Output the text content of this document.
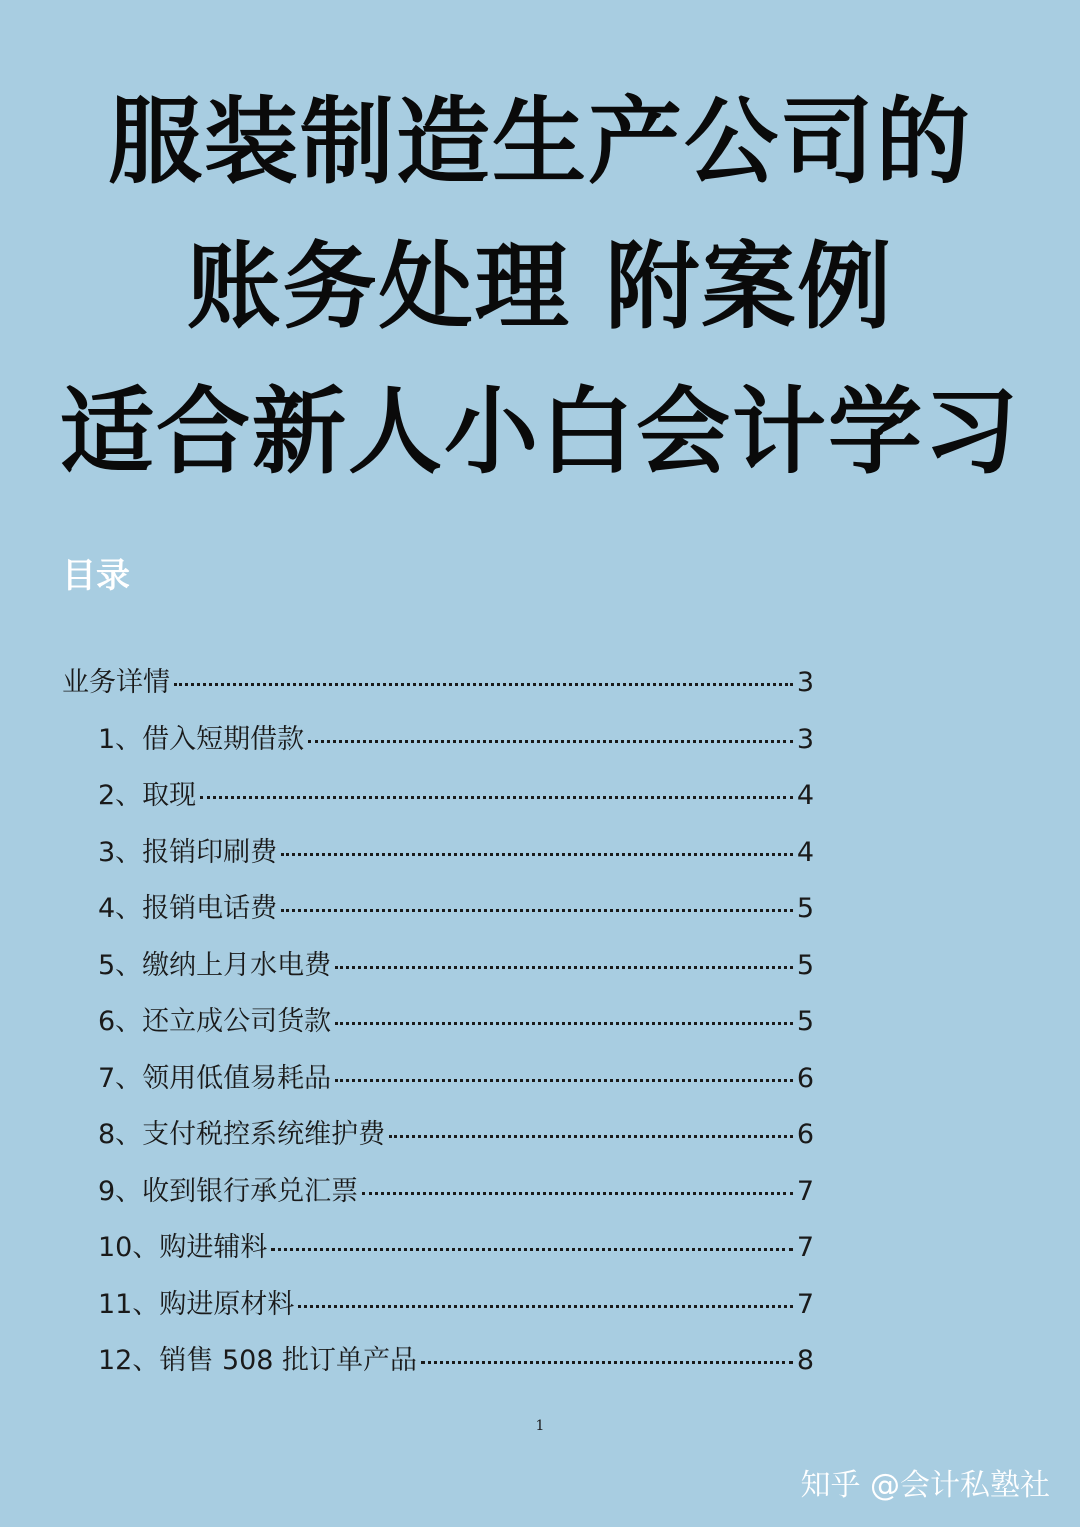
服装制造生产公司的
账务处理 附案例
适合新人小白会计学习
目录
业务详情	3
1、借入短期借款	3
2、取现	4
3、报销印刷费	4
4、报销电话费	5
5、缴纳上月水电费	5
6、还立成公司货款	5
7、领用低值易耗品	6
8、支付税控系统维护费	6
9、收到银行承兑汇票	7
10、购进辅料	7
11、购进原材料	7
12、销售 508 批订单产品	8
1
知乎 @会计私塾社
